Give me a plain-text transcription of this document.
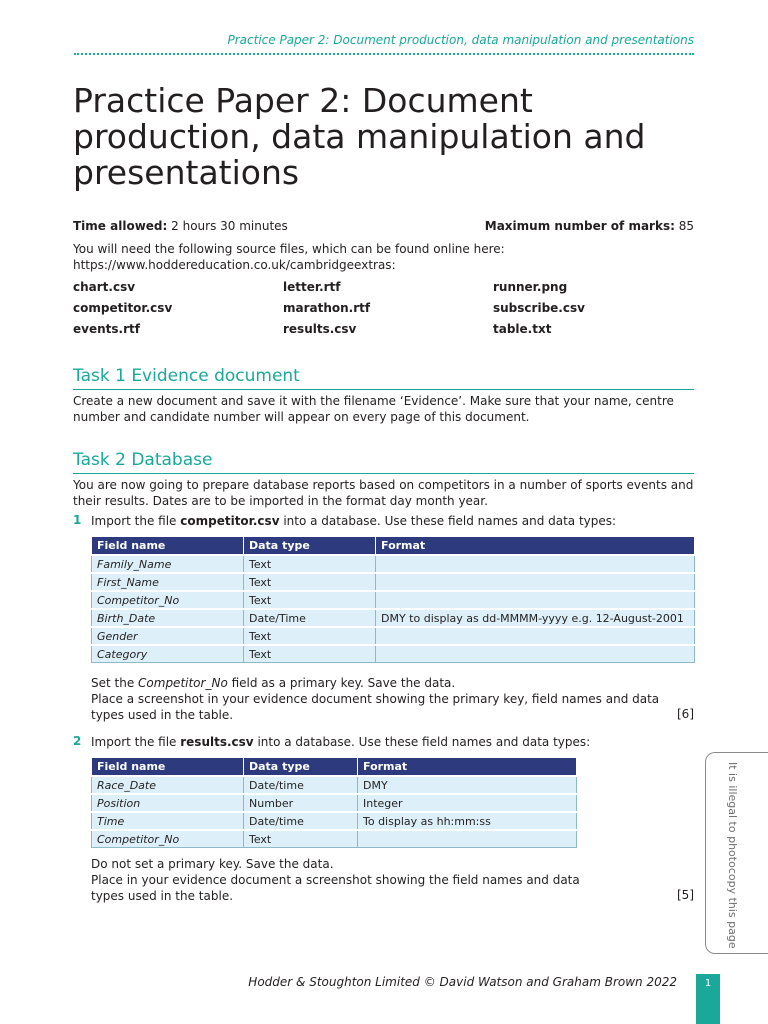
Practice Paper 2: Document production, data manipulation and presentations
Practice Paper 2: Document production, data manipulation and presentations
Time allowed: 2 hours 30 minutes	Maximum number of marks: 85

You will need the following source files, which can be found online here: https://www.hoddereducation.co.uk/cambridgeextras:

chart.csv	letter.rtf	runner.png
competitor.csv	marathon.rtf	subscribe.csv
events.rtf	results.csv	table.txt
Task 1 Evidence document

Create a new document and save it with the filename ‘Evidence’. Make sure that your name, centre number and candidate number will appear on every page of this document.

Task 2 Database

You are now going to prepare database reports based on competitors in a number of sports events and their results. Dates are to be imported in the format day month year.

1 Import the file competitor.csv into a database. Use these field names and data types:

Field name	Data type	Format
Family_Name	Text	
First_Name	Text	
Competitor_No	Text	
Birth_Date	Date/Time	DMY to display as dd-MMMM-yyyy e.g. 12-August-2001
Gender	Text	
Category	Text	

Set the Competitor_No field as a primary key. Save the data.

Place a screenshot in your evidence document showing the primary key, field names and data

types used in the table.	[6]
2 Import the file results.csv into a database. Use these field names and data types:

Field name	Data type	Format
Race_Date	Date/time	DMY
Position	Number	Integer
Time	Date/time	To display as hh:mm:ss
Competitor_No	Text	

Do not set a primary key. Save the data.

Place in your evidence document a screenshot showing the field names and data

types used in the table.	[5]	It is illegal to photocopy this page
Hodder & Stoughton Limited © David Watson and Graham Brown 2022	1
